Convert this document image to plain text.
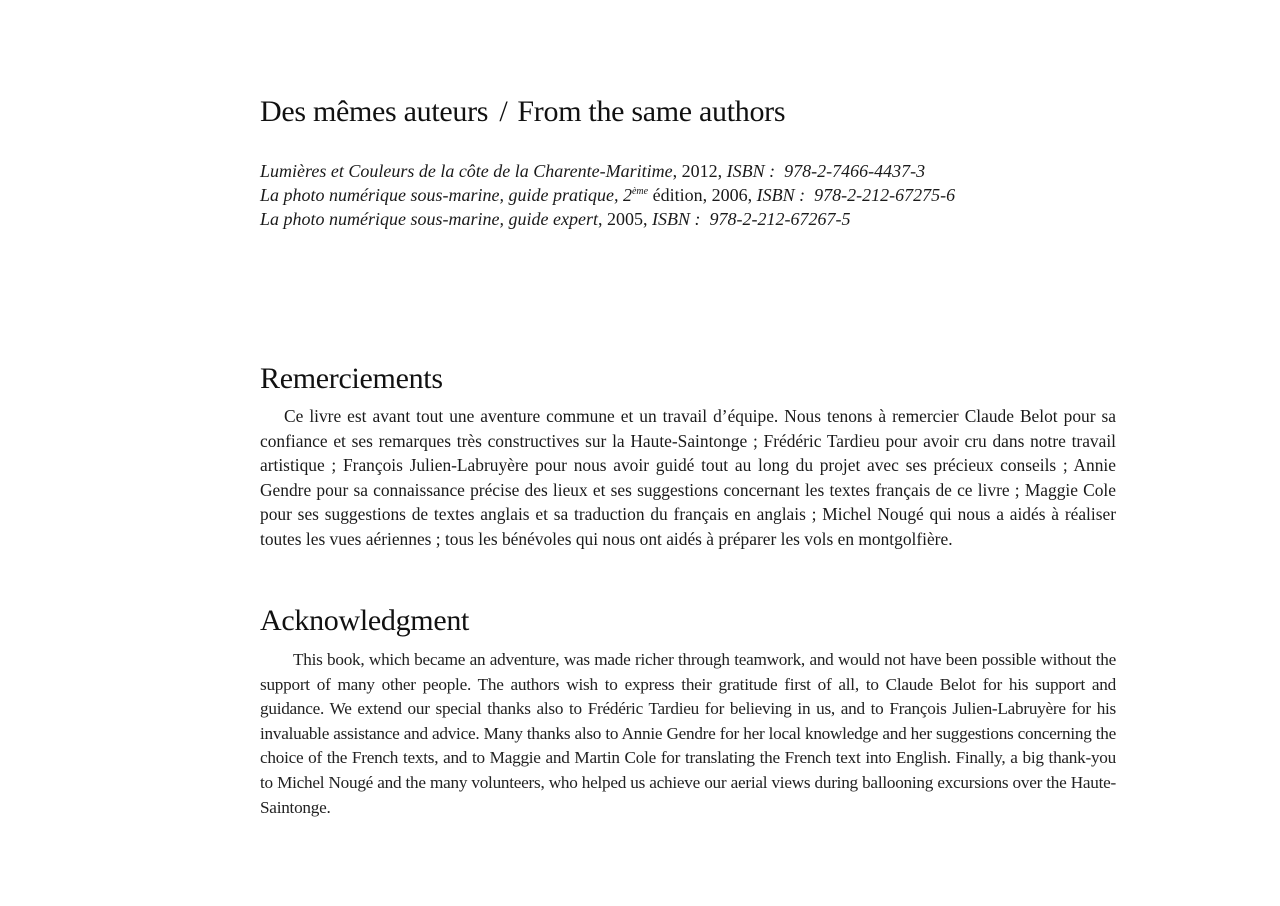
Des mêmes auteurs / From the same authors
Lumières et Couleurs de la côte de la Charente-Maritime, 2012, ISBN : 978-2-7466-4437-3
La photo numérique sous-marine, guide pratique, 2ème édition, 2006, ISBN : 978-2-212-67275-6
La photo numérique sous-marine, guide expert, 2005, ISBN : 978-2-212-67267-5
Remerciements

Ce livre est avant tout une aventure commune et un travail d’équipe. Nous tenons à remercier Claude Belot pour sa confiance et ses remarques très constructives sur la Haute-Saintonge ; Frédéric Tardieu pour avoir cru dans notre travail artistique ; François Julien-Labruyère pour nous avoir guidé tout au long du projet avec ses précieux conseils ; Annie Gendre pour sa connaissance précise des lieux et ses suggestions concernant les textes français de ce livre ; Maggie Cole pour ses suggestions de textes anglais et sa traduction du français en anglais ; Michel Nougé qui nous a aidés à réaliser toutes les vues aériennes ; tous les bénévoles qui nous ont aidés à préparer les vols en montgolfière.

Acknowledgment

This book, which became an adventure, was made richer through teamwork, and would not have been possible without the support of many other people. The authors wish to express their gratitude first of all, to Claude Belot for his support and guidance. We extend our special thanks also to Frédéric Tardieu for believing in us, and to François Julien-Labruyère for his invaluable assistance and advice. Many thanks also to Annie Gendre for her local knowledge and her suggestions concerning the choice of the French texts, and to Maggie and Martin Cole for translating the French text into English. Finally, a big thank-you to Michel Nougé and the many volunteers, who helped us achieve our aerial views during ballooning excursions over the Haute-Saintonge.
